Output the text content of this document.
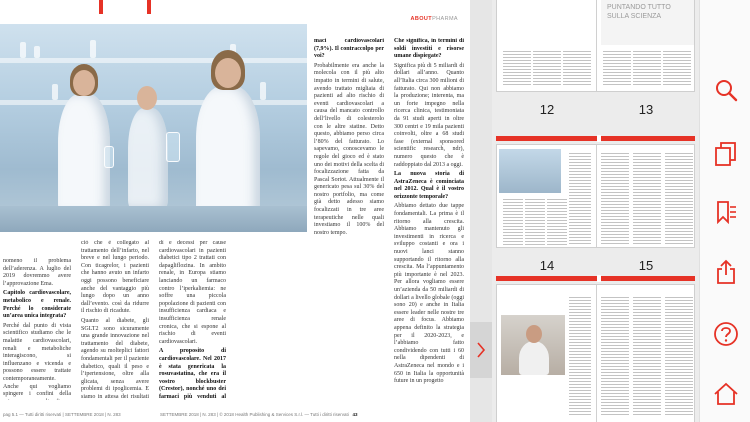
ABOUTPHARMA

nomeno il problema dell’aderenza. A luglio del 2019 dovremmo avere l’approvazione Ema.

Capitolo cardiovascolare, metabolico e renale. Perché lo considerate un’area unica integrata?

Perché dal punto di vista scientifico studiamo che le malattie cardiovascolari, renali e metaboliche interagiscono, si influenzano e vicenda e possono essere trattate contemporaneamente. Anche qui vogliamo spingere i confini della

ciò che è collegato al trattamento dell’infarto, nel breve e nel lungo periodo. Con ticagrelor, i pazienti che hanno avuto un infarto oggi possono beneficiare anche del vantaggio più lungo dopo un anno dall’evento. così da ridurre il rischio di ricadute.

Quanto al diabete, gli SGLT2 sono sicuramente una grande innovazione nel trattamento del diabete, agendo su molteplici fattori fondamentali per il paziente diabetico, quali il peso e l’ipertensione, oltre alla glicata, senza avere problemi di ipoglicemia. E siamo in attesa dei risultati

dì e decessi per cause cardiovascolari in pazienti diabetici tipo 2 trattati con dapagliflozina. In ambito renale, in Europa stiamo lanciando un farmaco contro l’iperkaliemia: ne soffre una piccola popolazione di pazienti con insufficienza cardiaca e insufficienza renale cronica, che si espone al rischio di eventi cardiovascolari.

A proposito di cardiovascolare. Nel 2017 è stata genericata la rosuvastatina, che era il vostro blockbuster (Crestor), nonché uno dei farmaci più venduti al

maci cardiovascolari (7,9%). Il contraccolpo per voi?

Probabilmente era anche la molecola con il più alto impatto in termini di salute, avendo trattato migliaia di pazienti ad alto rischio di eventi cardiovascolari a causa del mancato controllo dell’livello di colesterolo con le altre statine. Detto questo, abbiamo perso circa l’80% del fatturato. Lo sapevamo, conoscevamo le regole del gioco ed è stato uno dei motivi della scelta di focalizzazione fatta da Pascal Soriot. Attualmente il genericato pesa sul 30% del nostro portfolio, ma come già detto adesso siamo focalizzati in tre aree terapeutiche nelle quali investiamo il 100% del nostro tempo.

Che significa, in termini di soldi investiti e risorse umane dispiegate?

Significa più di 5 miliardi di dollari all’anno. Quanto all’Italia circa 300 milioni di fatturato. Qui non abbiamo la produzione; interenta, ma un forte impegno nella ricerca clinica, testimoniata da 91 studi aperti in oltre 300 centri e 19 mila pazienti coinvolti, oltre a 68 studi fase (external sponsored scientific research, ndr), numero questo che è raddoppiato dal 2013 a oggi.

La nuova storia di AstraZeneca è cominciata nel 2012. Qual è il vostro orizzonte temporale?

Abbiamo dettato due tappe fondamentali. La prima è il ritorno alla crescita. Abbiamo mantenuto gli investimenti in ricerca e sviluppo costanti e ora i nuovi lanci stanno supportando il ritorno alla crescita. Ma l’appuntamento più importante è nel 2023. Per allora vogliamo essere un’azienda da 50 miliardi di dollari a livello globale (oggi sono 20) e anche in Italia essere leader nelle nostre tre aree di focus. Abbiamo appena definito la strategia per il 2020-2023, e l’abbiamo fatto condividendo con tutti i 60 nella dipendenti di AstraZeneca nel mondo e i 650 in Italia la opportunità future in un progetto

pag 5.1 — Tutti diritti riservati | SETTEMBRE 2018 | N. 283	SETTEMBRE 2018 | N. 283 | © 2018 Health Publishing & Services S.r.l. — Tutti i diritti riservati 43
PUNTANDO TUTTO SULLA SCIENZA
12	13
14	15
